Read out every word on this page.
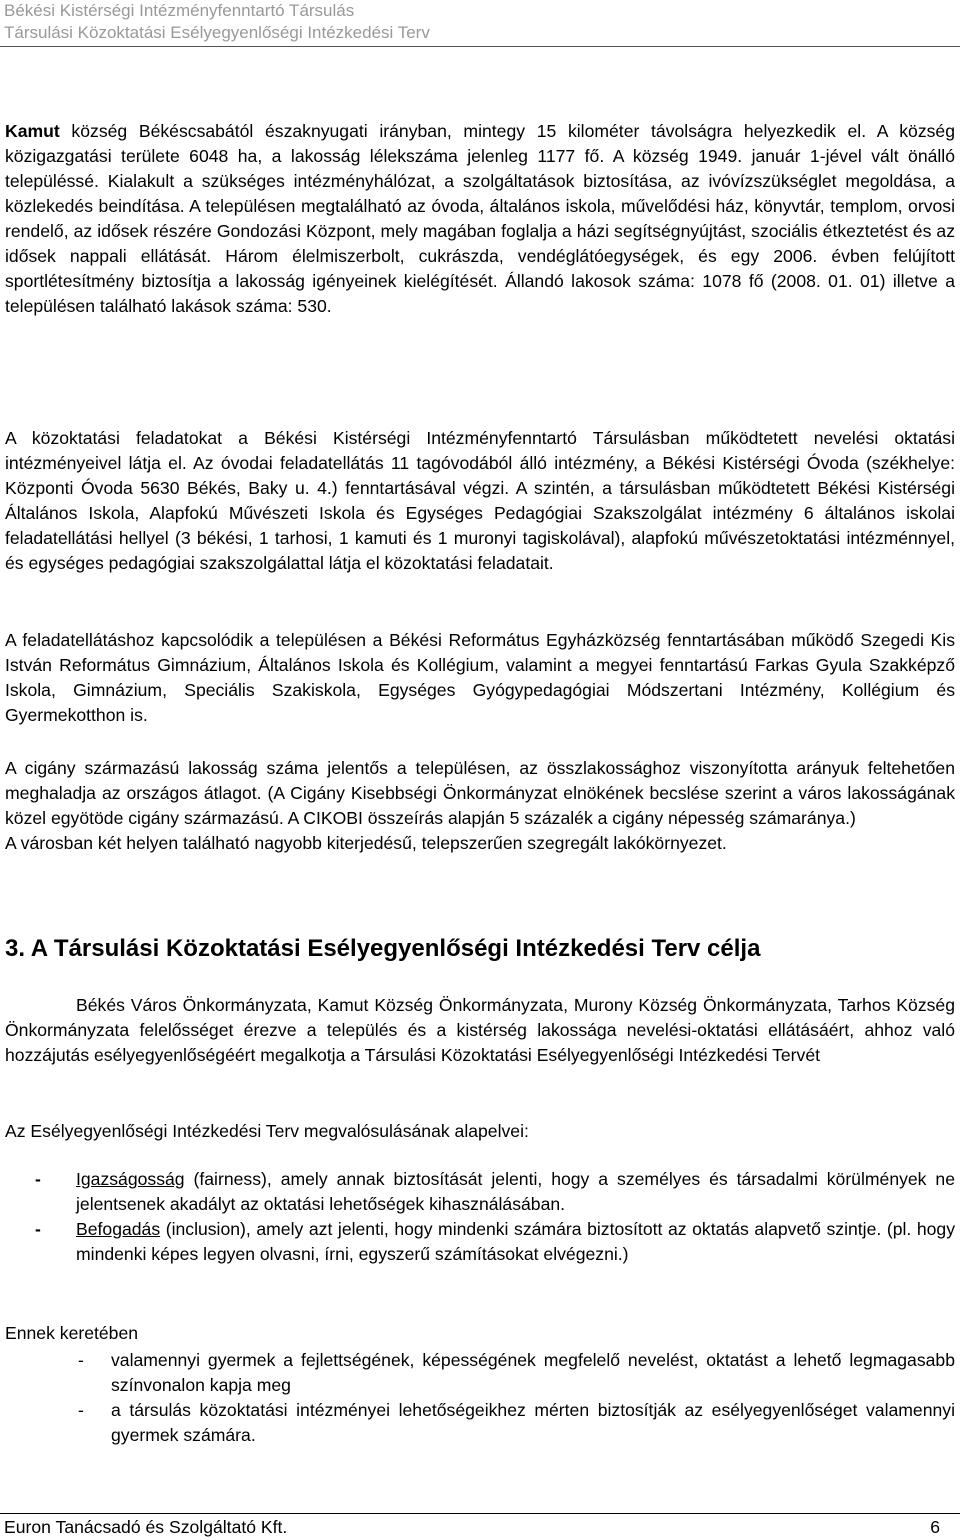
Békési Kistérségi Intézményfenntartó Társulás
Társulási Közoktatási Esélyegyenlőségi Intézkedési Terv

Kamut község Békéscsabától északnyugati irányban, mintegy 15 kilométer távolságra helyezkedik el. A község közigazgatási területe 6048 ha, a lakosság lélekszáma jelenleg 1177 fő. A község 1949. január 1-jével vált önálló településsé. Kialakult a szükséges intézményhálózat, a szolgáltatások biztosítása, az ivóvízszükséglet megoldása, a közlekedés beindítása. A településen megtalálható az óvoda, általános iskola, művelődési ház, könyvtár, templom, orvosi rendelő, az idősek részére Gondozási Központ, mely magában foglalja a házi segítségnyújtást, szociális étkeztetést és az idősek nappali ellátását. Három élelmiszerbolt, cukrászda, vendéglátóegységek, és egy 2006. évben felújított sportlétesítmény biztosítja a lakosság igényeinek kielégítését. Állandó lakosok száma: 1078 fő (2008. 01. 01) illetve a településen található lakások száma: 530.

A közoktatási feladatokat a Békési Kistérségi Intézményfenntartó Társulásban működtetett nevelési oktatási intézményeivel látja el. Az óvodai feladatellátás 11 tagóvodából álló intézmény, a Békési Kistérségi Óvoda (székhelye: Központi Óvoda 5630 Békés, Baky u. 4.) fenntartásával végzi. A szintén, a társulásban működtetett Békési Kistérségi Általános Iskola, Alapfokú Művészeti Iskola és Egységes Pedagógiai Szakszolgálat intézmény 6 általános iskolai feladatellátási hellyel (3 békési, 1 tarhosi, 1 kamuti és 1 muronyi tagiskolával), alapfokú művészetoktatási intézménnyel, és egységes pedagógiai szakszolgálattal látja el közoktatási feladatait.

A feladatellátáshoz kapcsolódik a településen a Békési Református Egyházközség fenntartásában működő Szegedi Kis István Református Gimnázium, Általános Iskola és Kollégium, valamint a megyei fenntartású Farkas Gyula Szakképző Iskola, Gimnázium, Speciális Szakiskola, Egységes Gyógypedagógiai Módszertani Intézmény, Kollégium és Gyermekotthon is.

A cigány származású lakosság száma jelentős a településen, az összlakossághoz viszonyította arányuk feltehetően meghaladja az országos átlagot. (A Cigány Kisebbségi Önkormányzat elnökének becslése szerint a város lakosságának közel egyötöde cigány származású. A CIKOBI összeírás alapján 5 százalék a cigány népesség számaránya.)

A városban két helyen található nagyobb kiterjedésű, telepszerűen szegregált lakókörnyezet.

3. A Társulási Közoktatási Esélyegyenlőségi Intézkedési Terv célja

Békés Város Önkormányzata, Kamut Község Önkormányzata, Murony Község Önkormányzata, Tarhos Község Önkormányzata felelősséget érezve a település és a kistérség lakossága nevelési-oktatási ellátásáért, ahhoz való hozzájutás esélyegyenlőségéért megalkotja a Társulási Közoktatási Esélyegyenlőségi Intézkedési Tervét

Az Esélyegyenlőségi Intézkedési Terv megvalósulásának alapelvei:

- Igazságosság (fairness), amely annak biztosítását jelenti, hogy a személyes és társadalmi körülmények ne jelentsenek akadályt az oktatási lehetőségek kihasználásában.
- Befogadás (inclusion), amely azt jelenti, hogy mindenki számára biztosított az oktatás alapvető szintje. (pl. hogy mindenki képes legyen olvasni, írni, egyszerű számításokat elvégezni.)

Ennek keretében

- valamennyi gyermek a fejlettségének, képességének megfelelő nevelést, oktatást a lehető legmagasabb színvonalon kapja meg
- a társulás közoktatási intézményei lehetőségeikhez mérten biztosítják az esélyegyenlőséget valamennyi gyermek számára.
Euron Tanácsadó és Szolgáltató Kft.	6
